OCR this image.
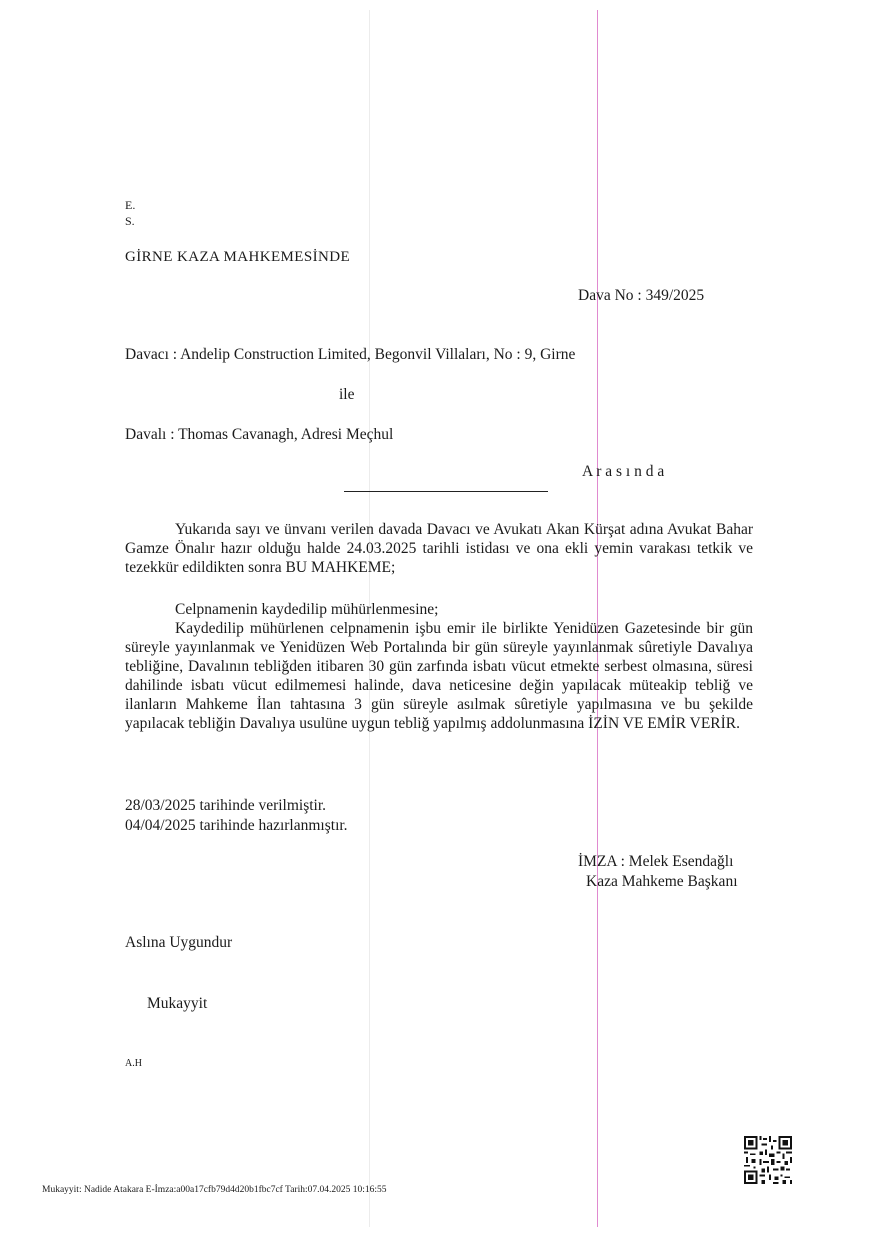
E.
S.
GİRNE KAZA MAHKEMESİNDE
Dava No : 349/2025
Davacı : Andelip Construction Limited, Begonvil Villaları, No : 9, Girne
ile
Davalı : Thomas Cavanagh, Adresi Meçhul
A r a s ı n d a
Yukarıda sayı ve ünvanı verilen davada Davacı ve Avukatı Akan Kürşat adına Avukat Bahar Gamze Önalır hazır olduğu halde 24.03.2025 tarihli istidası ve ona ekli yemin varakası tetkik ve tezekkür edildikten sonra BU MAHKEME;
Celpnamenin kaydedilip mühürlenmesine;
Kaydedilip mühürlenen celpnamenin işbu emir ile birlikte Yenidüzen Gazetesinde bir gün süreyle yayınlanmak ve Yenidüzen Web Portalında bir gün süreyle yayınlanmak sûretiyle Davalıya tebliğine, Davalının tebliğden itibaren 30 gün zarfında isbatı vücut etmekte serbest olmasına, süresi dahilinde isbatı vücut edilmemesi halinde, dava neticesine değin yapılacak müteakip tebliğ ve ilanların Mahkeme İlan tahtasına 3 gün süreyle asılmak sûretiyle yapılmasına ve bu şekilde yapılacak tebliğin Davalıya usulüne uygun tebliğ yapılmış addolunmasına İZİN VE EMİR VERİR.
28/03/2025 tarihinde verilmiştir.
04/04/2025 tarihinde hazırlanmıştır.
İMZA : Melek Esendağlı
Kaza Mahkeme Başkanı
Aslına Uygundur
Mukayyit
A.H
Mukayyit: Nadide Atakara E-İmza:a00a17cfb79d4d20b1fbc7cf Tarih:07.04.2025 10:16:55
